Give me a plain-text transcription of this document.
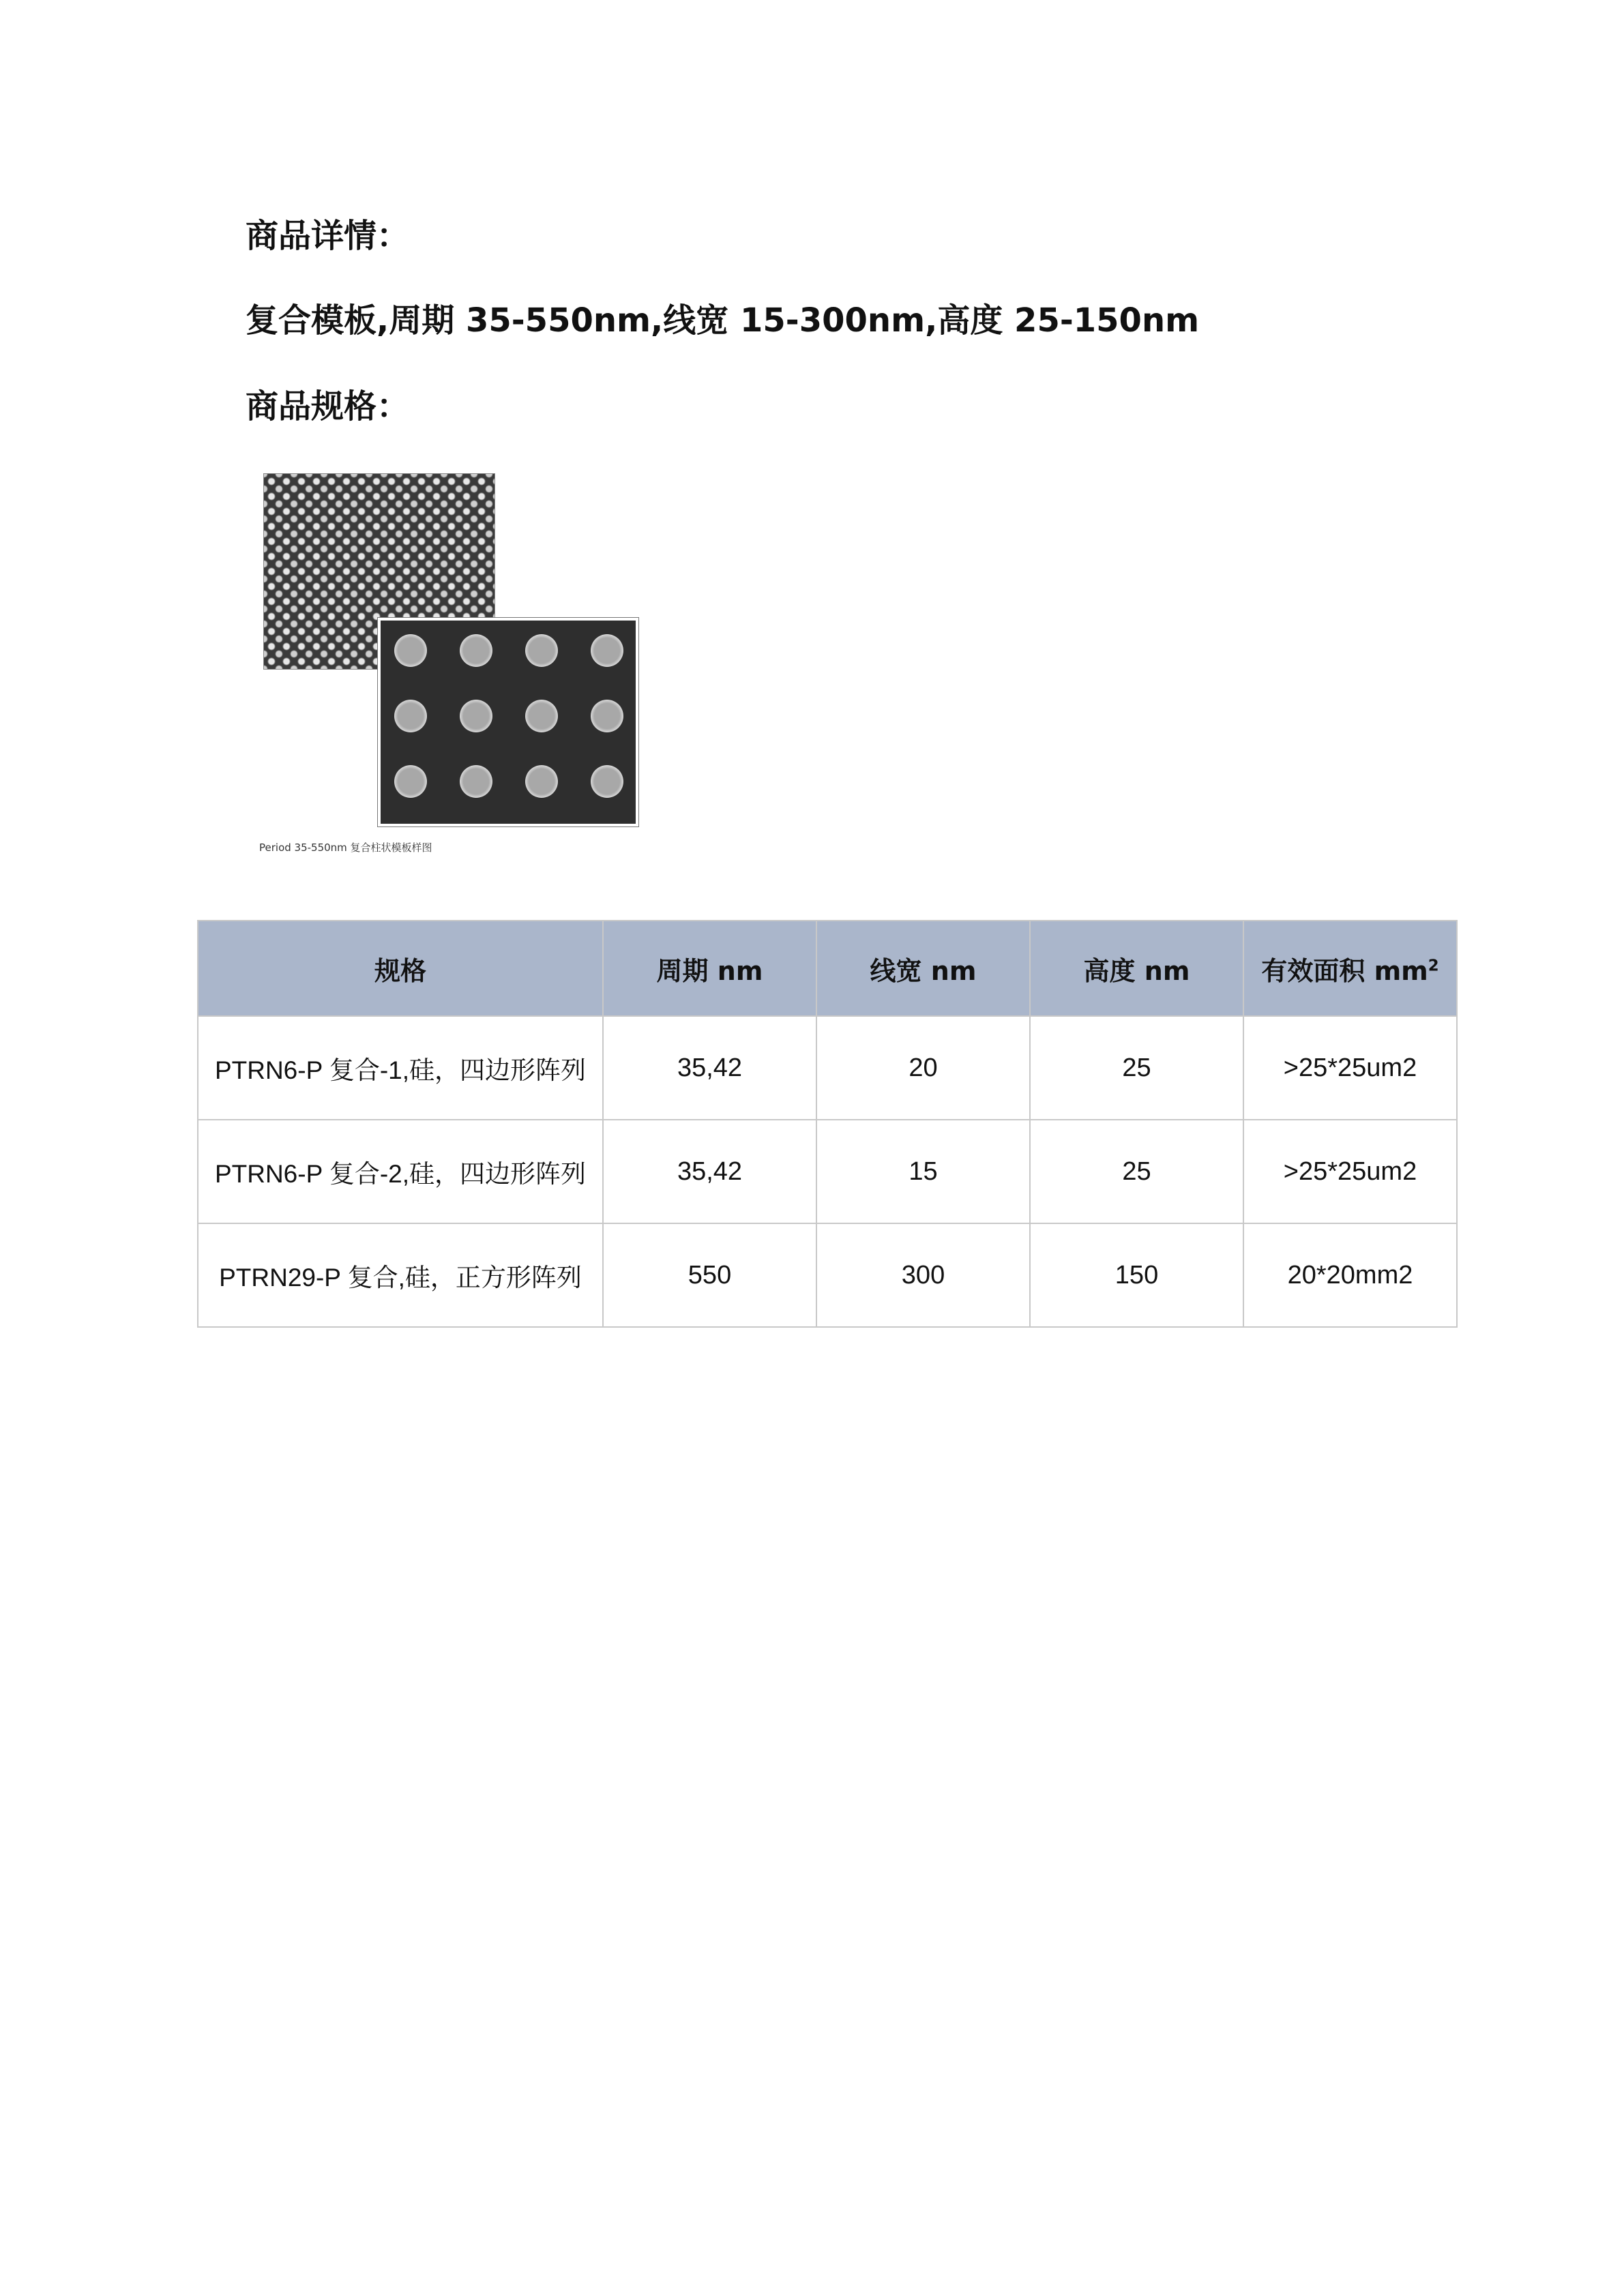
商品详情：
复合模板,周期 35-550nm,线宽 15-300nm,高度 25-150nm
商品规格：
Period 35-550nm 复合柱状模板样图
规格	周期 nm	线宽 nm	高度 nm	有效面积 $mm^2$
PTRN6-P 复合-1,硅，四边形阵列	35,42	20	25	>25*25um2
PTRN6-P 复合-2,硅，四边形阵列	35,42	15	25	>25*25um2
PTRN29-P 复合,硅，正方形阵列	550	300	150	20*20mm2
